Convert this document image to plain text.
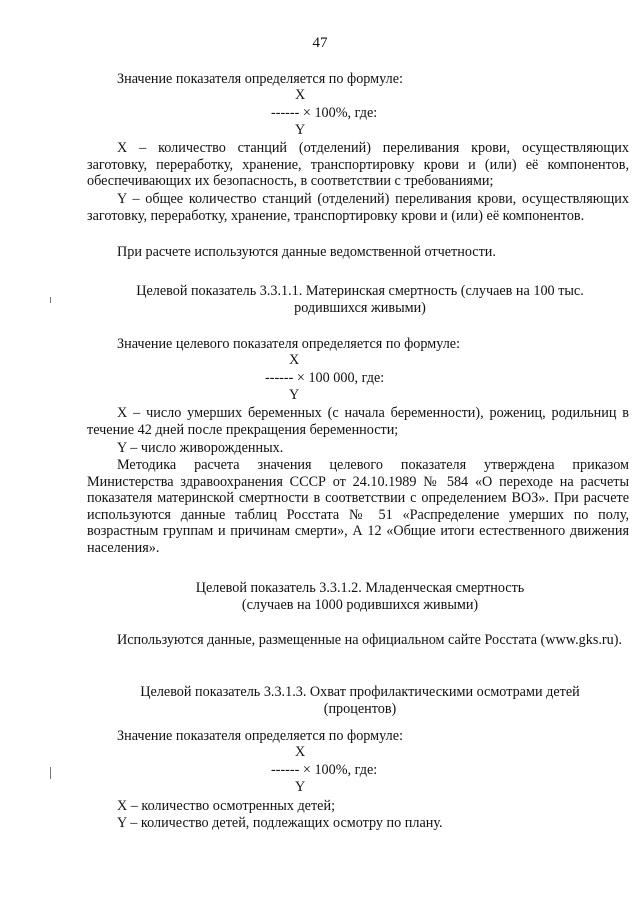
47
Значение показателя определяется по формуле:
X
------ × 100%, где:
Y
X – количество станций (отделений) переливания крови, осуществляющих заготовку, переработку, хранение, транспортировку крови и (или) её компонентов, обеспечивающих их безопасность, в соответствии с требованиями;
Y – общее количество станций (отделений) переливания крови, осуществляющих заготовку, переработку, хранение, транспортировку крови и (или) её компонентов.
При расчете используются данные ведомственной отчетности.
Целевой показатель 3.3.1.1. Материнская смертность (случаев на 100 тыс.
родившихся живыми)
Значение целевого показателя определяется по формуле:
X
------ × 100 000, где:
Y
X – число умерших беременных (с начала беременности), рожениц, родильниц в течение 42 дней после прекращения беременности;
Y – число живорожденных.
Методика расчета значения целевого показателя утверждена приказом Министерства здравоохранения СССР от 24.10.1989 № 584 «О переходе на расчеты показателя материнской смертности в соответствии с определением ВОЗ». При расчете используются данные таблиц Росстата № 51 «Распределение умерших по полу, возрастным группам и причинам смерти», А 12 «Общие итоги естественного движения населения».
Целевой показатель 3.3.1.2. Младенческая смертность
(случаев на 1000 родившихся живыми)
Используются данные, размещенные на официальном сайте Росстата (www.gks.ru).
Целевой показатель 3.3.1.3. Охват профилактическими осмотрами детей
(процентов)
Значение показателя определяется по формуле:
X
------ × 100%, где:
Y
X – количество осмотренных детей;
Y – количество детей, подлежащих осмотру по плану.
